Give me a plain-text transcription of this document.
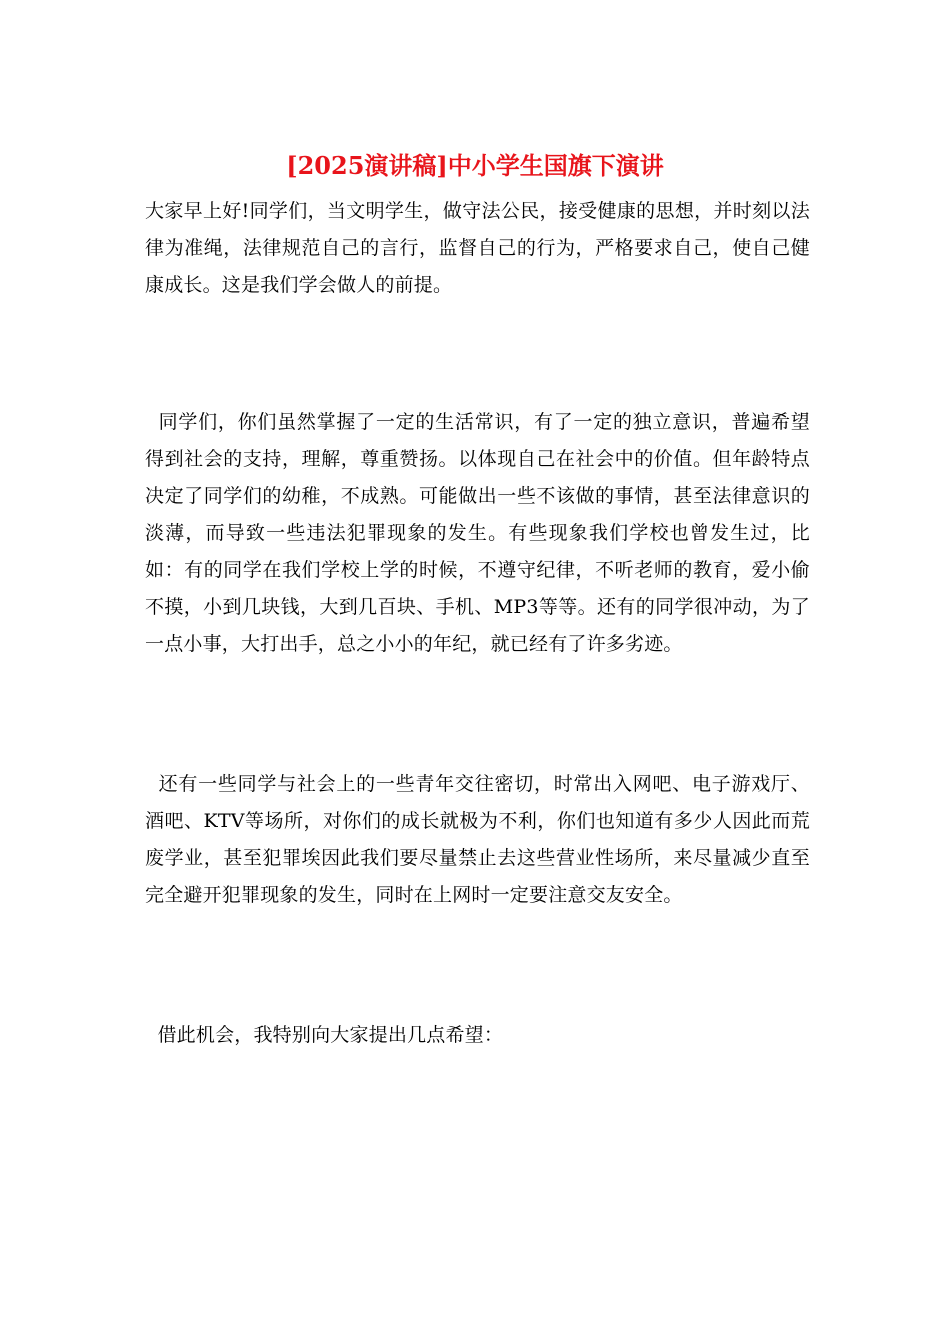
[2025演讲稿]中小学生国旗下演讲

大家早上好!同学们，当文明学生，做守法公民，接受健康的思想，并时刻以法律为准绳，法律规范自己的言行，监督自己的行为，严格要求自己，使自己健康成长。这是我们学会做人的前提。

同学们，你们虽然掌握了一定的生活常识，有了一定的独立意识，普遍希望得到社会的支持，理解，尊重赞扬。以体现自己在社会中的价值。但年龄特点决定了同学们的幼稚，不成熟。可能做出一些不该做的事情，甚至法律意识的淡薄，而导致一些违法犯罪现象的发生。有些现象我们学校也曾发生过，比如：有的同学在我们学校上学的时候，不遵守纪律，不听老师的教育，爱小偷不摸，小到几块钱，大到几百块、手机、MP3等等。还有的同学很冲动，为了一点小事，大打出手，总之小小的年纪，就已经有了许多劣迹。

还有一些同学与社会上的一些青年交往密切，时常出入网吧、电子游戏厅、酒吧、KTV等场所，对你们的成长就极为不利，你们也知道有多少人因此而荒废学业，甚至犯罪埃因此我们要尽量禁止去这些营业性场所，来尽量减少直至完全避开犯罪现象的发生，同时在上网时一定要注意交友安全。

借此机会，我特别向大家提出几点希望：
